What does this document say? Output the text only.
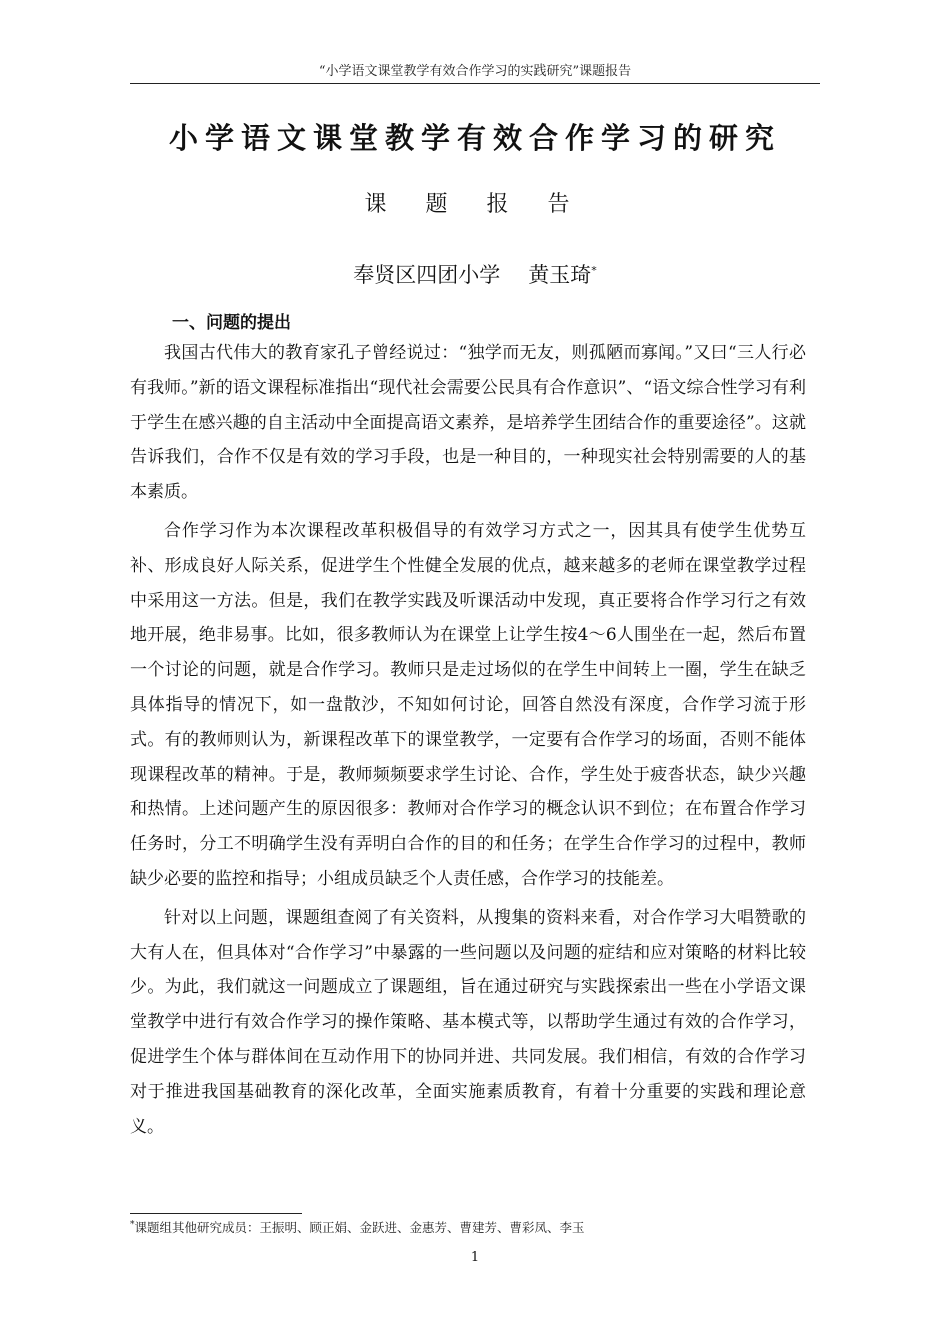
“小学语文课堂教学有效合作学习的实践研究”课题报告
小学语文课堂教学有效合作学习的研究
课 题 报 告
奉贤区四团小学 黄玉琦*
一、问题的提出

我国古代伟大的教育家孔子曾经说过：“独学而无友，则孤陋而寡闻。”又曰“三人行必有我师。”新的语文课程标准指出“现代社会需要公民具有合作意识”、“语文综合性学习有利于学生在感兴趣的自主活动中全面提高语文素养，是培养学生团结合作的重要途径”。这就告诉我们，合作不仅是有效的学习手段，也是一种目的，一种现实社会特别需要的人的基本素质。

合作学习作为本次课程改革积极倡导的有效学习方式之一，因其具有使学生优势互补、形成良好人际关系，促进学生个性健全发展的优点，越来越多的老师在课堂教学过程中采用这一方法。但是，我们在教学实践及听课活动中发现，真正要将合作学习行之有效地开展，绝非易事。比如，很多教师认为在课堂上让学生按4～6人围坐在一起，然后布置一个讨论的问题，就是合作学习。教师只是走过场似的在学生中间转上一圈，学生在缺乏具体指导的情况下，如一盘散沙，不知如何讨论，回答自然没有深度，合作学习流于形式。有的教师则认为，新课程改革下的课堂教学，一定要有合作学习的场面，否则不能体现课程改革的精神。于是，教师频频要求学生讨论、合作，学生处于疲沓状态，缺少兴趣和热情。上述问题产生的原因很多：教师对合作学习的概念认识不到位；在布置合作学习任务时，分工不明确学生没有弄明白合作的目的和任务；在学生合作学习的过程中，教师缺少必要的监控和指导；小组成员缺乏个人责任感，合作学习的技能差。

针对以上问题，课题组查阅了有关资料，从搜集的资料来看，对合作学习大唱赞歌的大有人在，但具体对“合作学习”中暴露的一些问题以及问题的症结和应对策略的材料比较少。为此，我们就这一问题成立了课题组，旨在通过研究与实践探索出一些在小学语文课堂教学中进行有效合作学习的操作策略、基本模式等，以帮助学生通过有效的合作学习，促进学生个体与群体间在互动作用下的协同并进、共同发展。我们相信，有效的合作学习对于推进我国基础教育的深化改革，全面实施素质教育，有着十分重要的实践和理论意义。

*课题组其他研究成员：王振明、顾正娟、金跃进、金惠芳、曹建芳、曹彩凤、李玉
1
